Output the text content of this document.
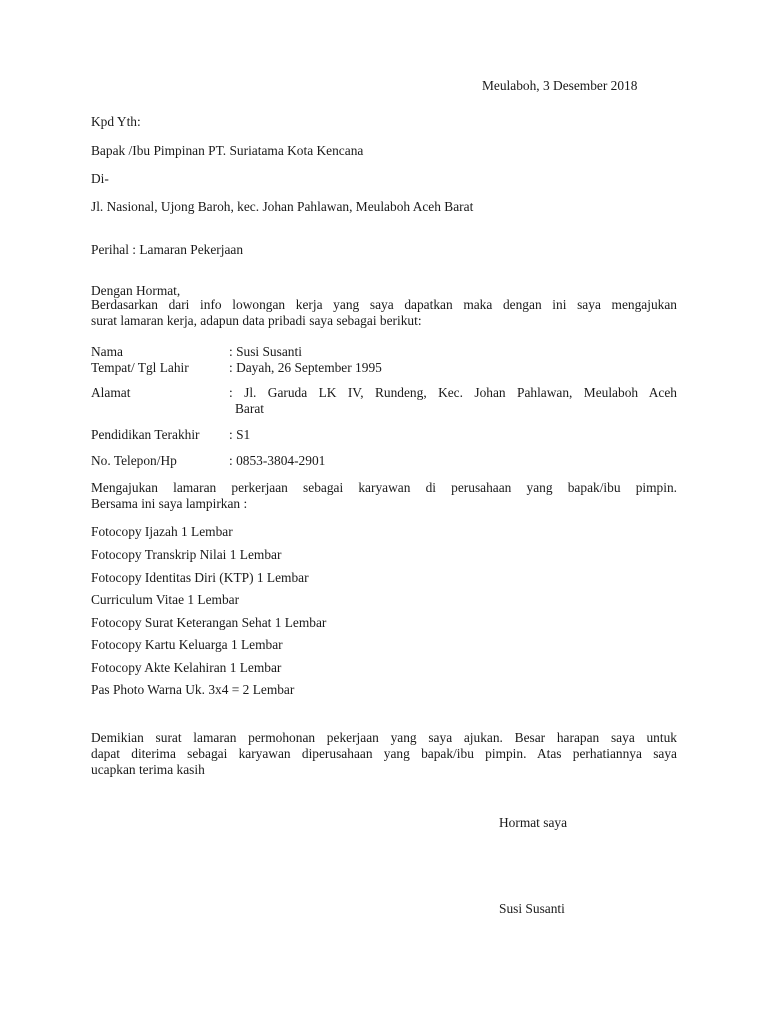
Meulaboh, 3 Desember 2018
Kpd Yth:
Bapak /Ibu Pimpinan PT. Suriatama Kota Kencana
Di-
Jl. Nasional, Ujong Baroh, kec. Johan Pahlawan, Meulaboh Aceh Barat
Perihal : Lamaran Pekerjaan
Dengan Hormat,
Berdasarkan dari info lowongan kerja yang saya dapatkan maka dengan ini saya mengajukan
surat lamaran kerja, adapun data pribadi saya sebagai berikut:
Nama	: Susi Susanti
Tempat/ Tgl Lahir	: Dayah, 26 September 1995
Alamat	: Jl. Garuda LK IV, Rundeng, Kec. Johan Pahlawan, Meulaboh Aceh
Barat
Pendidikan Terakhir : S1
No. Telepon/Hp	: 0853-3804-2901
Mengajukan lamaran perkerjaan sebagai karyawan di perusahaan yang bapak/ibu pimpin.
Bersama ini saya lampirkan :
Fotocopy Ijazah 1 Lembar
Fotocopy Transkrip Nilai 1 Lembar
Fotocopy Identitas Diri (KTP) 1 Lembar
Curriculum Vitae 1 Lembar
Fotocopy Surat Keterangan Sehat 1 Lembar
Fotocopy Kartu Keluarga 1 Lembar
Fotocopy Akte Kelahiran 1 Lembar
Pas Photo Warna Uk. 3x4 = 2 Lembar
Demikian surat lamaran permohonan pekerjaan yang saya ajukan. Besar harapan saya untuk
dapat diterima sebagai karyawan diperusahaan yang bapak/ibu pimpin. Atas perhatiannya saya
ucapkan terima kasih
Hormat saya
Susi Susanti
